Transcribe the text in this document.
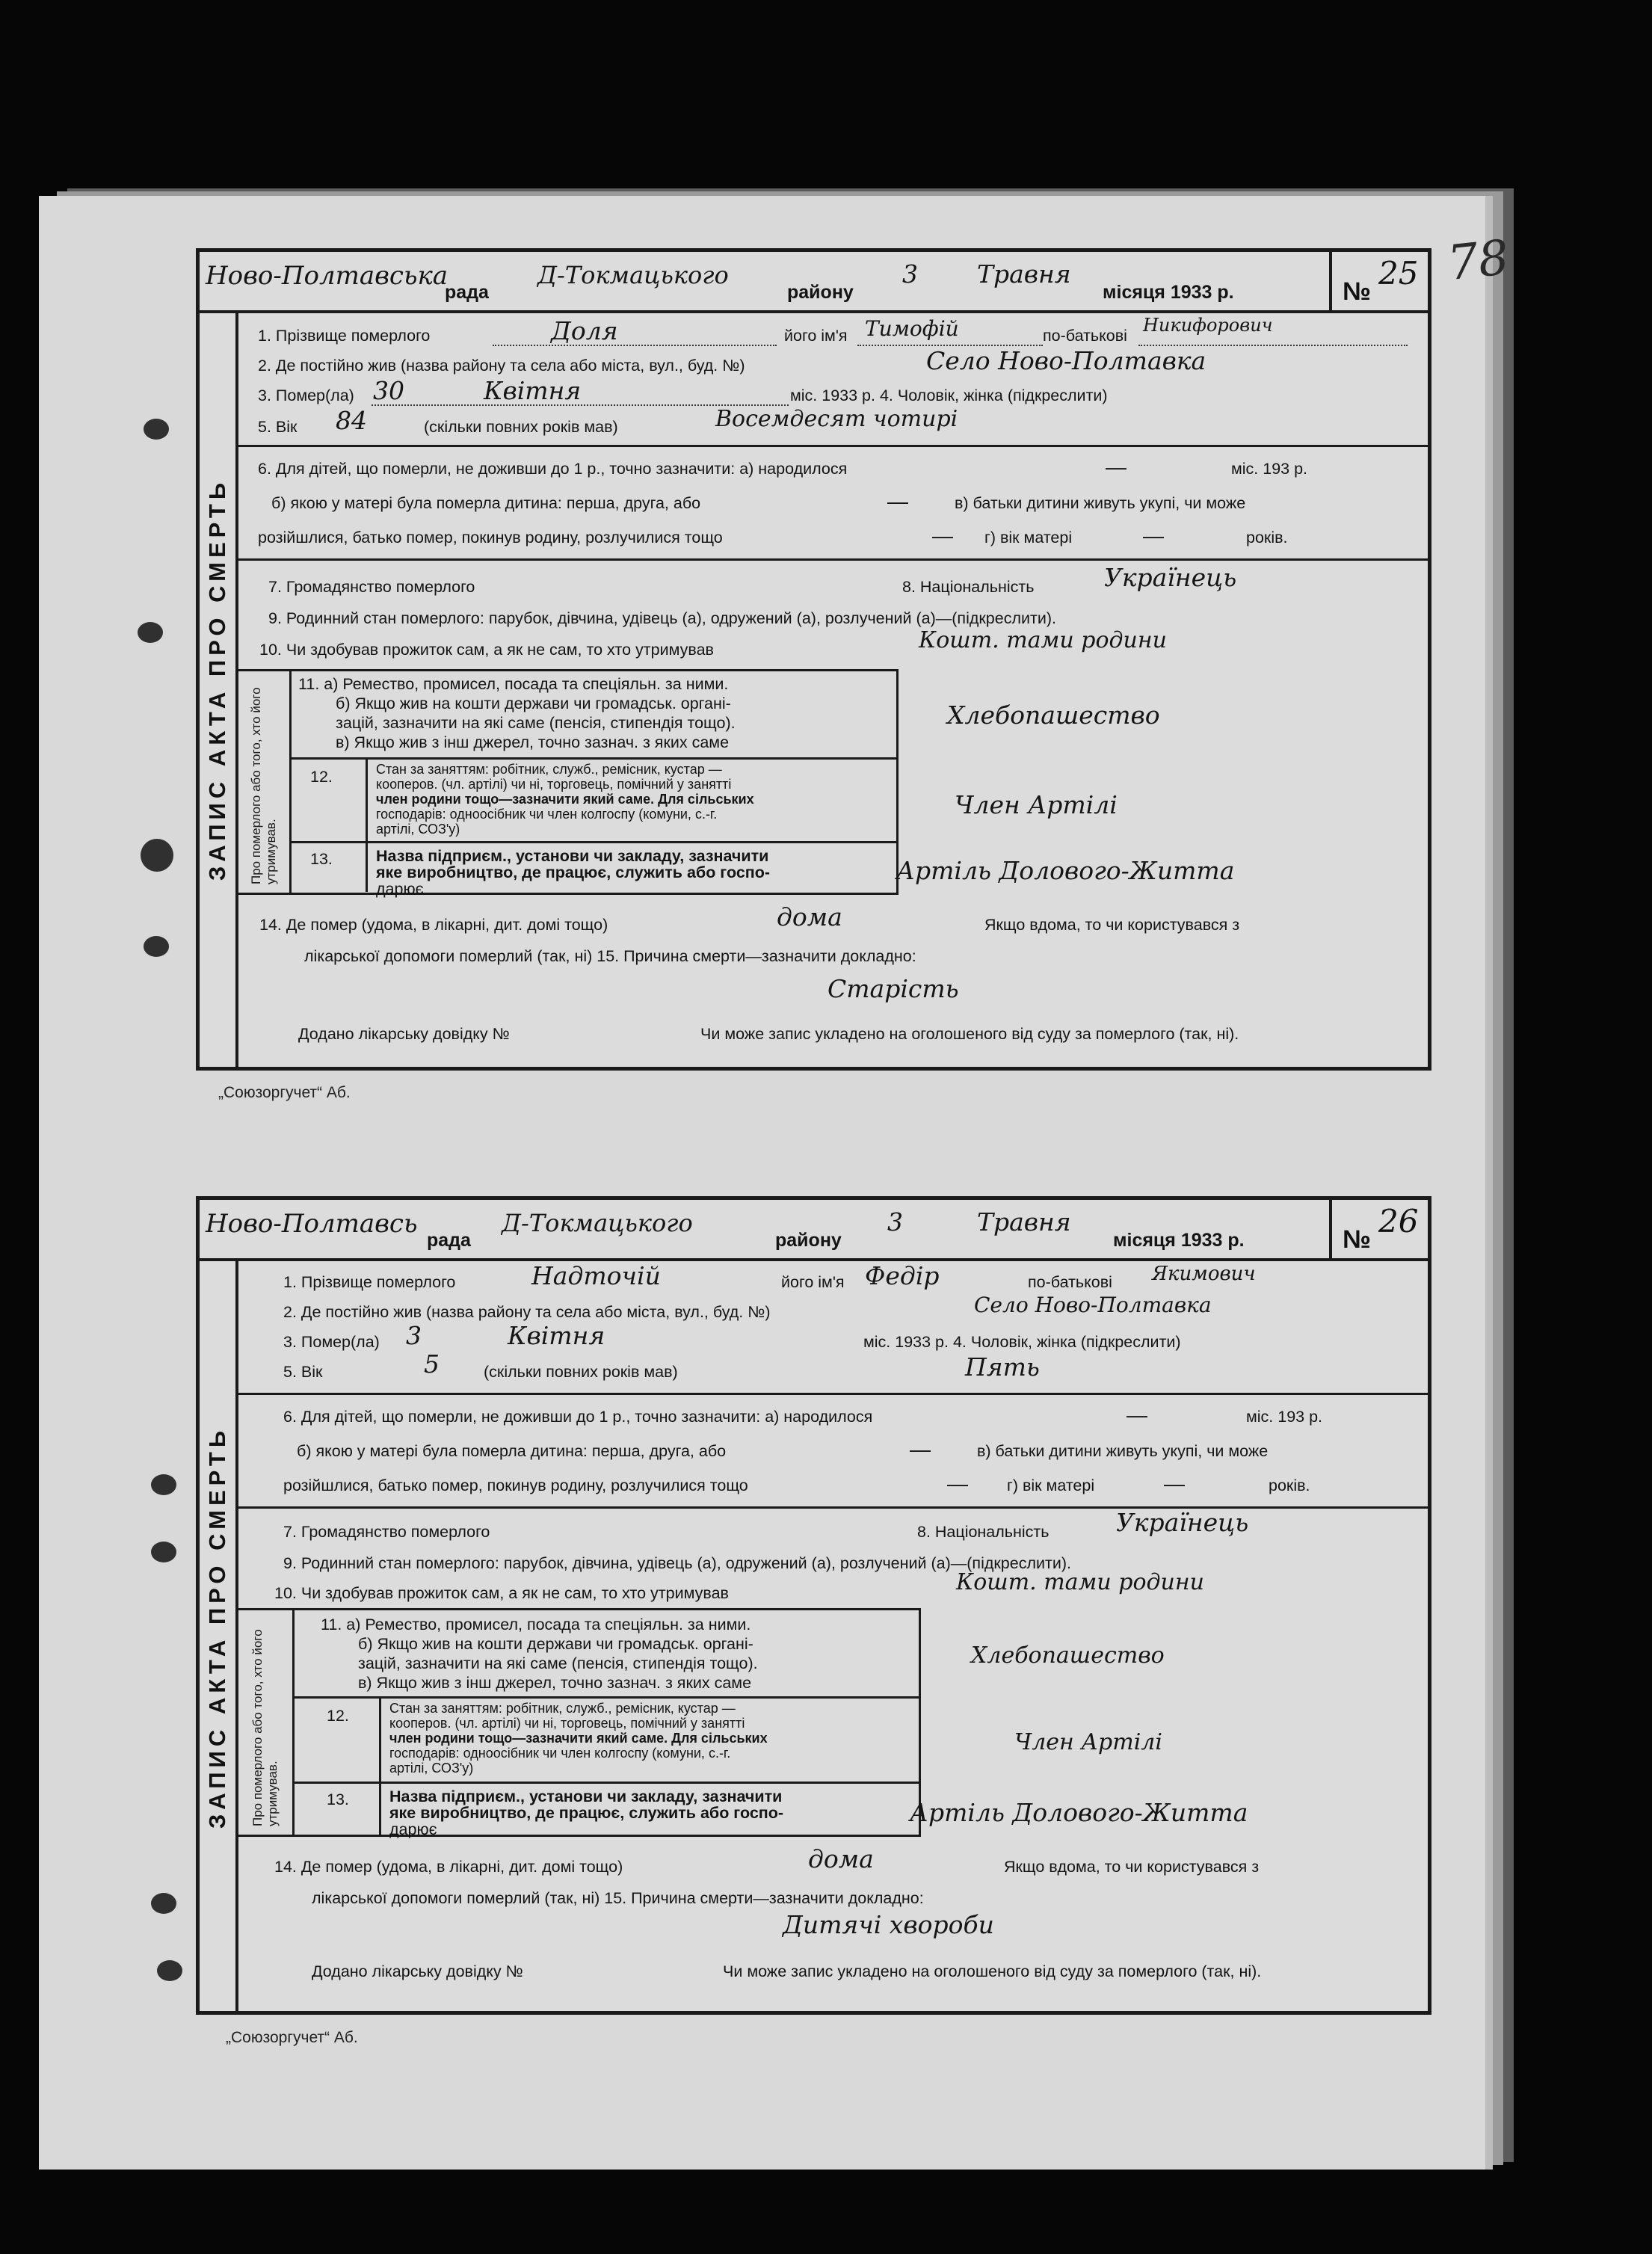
78
Ново-Полтавська
рада
Д-Токмацького
району
3 Травня
місяця 1933 р.	№ 25
ЗАПИС АКТА ПРО СМЕРТЬ
1. Прізвище померлого	Доля	його ім'я Тимофій	по-батькові Никифорович
2. Де постійно жив (назва району та села або міста, вул., буд. №)	Село Ново-Полтавка
3. Помер(ла) 30	Квітня	міс. 1933 р. 4. Чоловік, жінка (підкреслити)
5. Вік 84	(скільки повних років мав)	Восемдесят чотирі
6. Для дітей, що померли, не доживши до 1 р., точно зазначити: а) народилося	—	міс. 193 р.
б) якою у матері була померла дитина: перша, друга, або	—	в) батьки дитини живуть укупі, чи може
розійшлися, батько помер, покинув родину, розлучилися тощо	— г) вік матері	—	років.
7. Громадянство померлого	8. Національність	Українець
9. Родинний стан померлого: парубок, дівчина, удівець (а), одружений (а), розлучений (а)—(підкреслити).
10. Чи здобував прожиток сам, а як не сам, то хто утримував	Кошт. тами родини
Про померлого або того, хто його утримував.
11. а) Ремество, промисел, посада та спеціяльн. за ними.
б) Якщо жив на кошти держави чи громадськ. органі-
зацій, зазначити на які саме (пенсія, стипендія тощо).
в) Якщо жив з інш джерел, точно зазнач. з яких саме
Хлебопашество
12.	Стан за заняттям: робітник, служб., ремісник, кустар —
кооперов. (чл. артілі) чи ні, торговець, помічний у занятті
член родини тощо—зазначити який саме. Для сільських
господарів: одноосібник чи член колгоспу (комуни, с.-г.
артілі, СОЗ'у)
Член Артілі
13.	Назва підприєм., установи чи закладу, зазначити
яке виробництво, де працює, служить або госпо-
дарює
Артіль Долового-Житта
14. Де помер (удома, в лікарні, дит. домі тощо)	дома	Якщо вдома, то чи користувався з
лікарської допомоги померлий (так, ні) 15. Причина смерти—зазначити докладно:
Старість
Додано лікарську довідку №	Чи може запис укладено на оголошеного від суду за померлого (так, ні).
„Союзоргучет“ Аб.
Ново-Полтавсь
рада
Д-Токмацького
району
3	Травня
місяця 1933 р.	№ 26
ЗАПИС АКТА ПРО СМЕРТЬ
1. Прізвище померлого	Надточій	його ім'я Федір	по-батькові Якимович
2. Де постійно жив (назва району та села або міста, вул., буд. №)	Село Ново-Полтавка
3. Помер(ла) 3	Квітня	міс. 1933 р. 4. Чоловік, жінка (підкреслити)
5. Вік	5	(скільки повних років мав)	Пять
6. Для дітей, що померли, не доживши до 1 р., точно зазначити: а) народилося	—	міс. 193 р.
б) якою у матері була померла дитина: перша, друга, або	—	в) батьки дитини живуть укупі, чи може
розійшлися, батько помер, покинув родину, розлучилися тощо	— г) вік матері	—	років.
7. Громадянство померлого	8. Національність	Українець
9. Родинний стан померлого: парубок, дівчина, удівець (а), одружений (а), розлучений (а)—(підкреслити).
10. Чи здобував прожиток сам, а як не сам, то хто утримував	Кошт. тами родини
Про померлого або того, хто його утримував.
11. а) Ремество, промисел, посада та спеціяльн. за ними.
б) Якщо жив на кошти держави чи громадськ. органі-
зацій, зазначити на які саме (пенсія, стипендія тощо).
в) Якщо жив з інш джерел, точно зазнач. з яких саме
Хлебопашество
12.	Стан за заняттям: робітник, служб., ремісник, кустар —
кооперов. (чл. артілі) чи ні, торговець, помічний у занятті
член родини тощо—зазначити який саме. Для сільських
господарів: одноосібник чи член колгоспу (комуни, с.-г.
артілі, СОЗ'у)
Член Артілі
13.	Назва підприєм., установи чи закладу, зазначити
яке виробництво, де працює, служить або госпо-
дарює
Артіль Долового-Житта
14. Де помер (удома, в лікарні, дит. домі тощо)	дома	Якщо вдома, то чи користувався з
лікарської допомоги померлий (так, ні) 15. Причина смерти—зазначити докладно:
Дитячі хвороби
Додано лікарську довідку №	Чи може запис укладено на оголошеного від суду за померлого (так, ні).
„Союзоргучет“ Аб.
